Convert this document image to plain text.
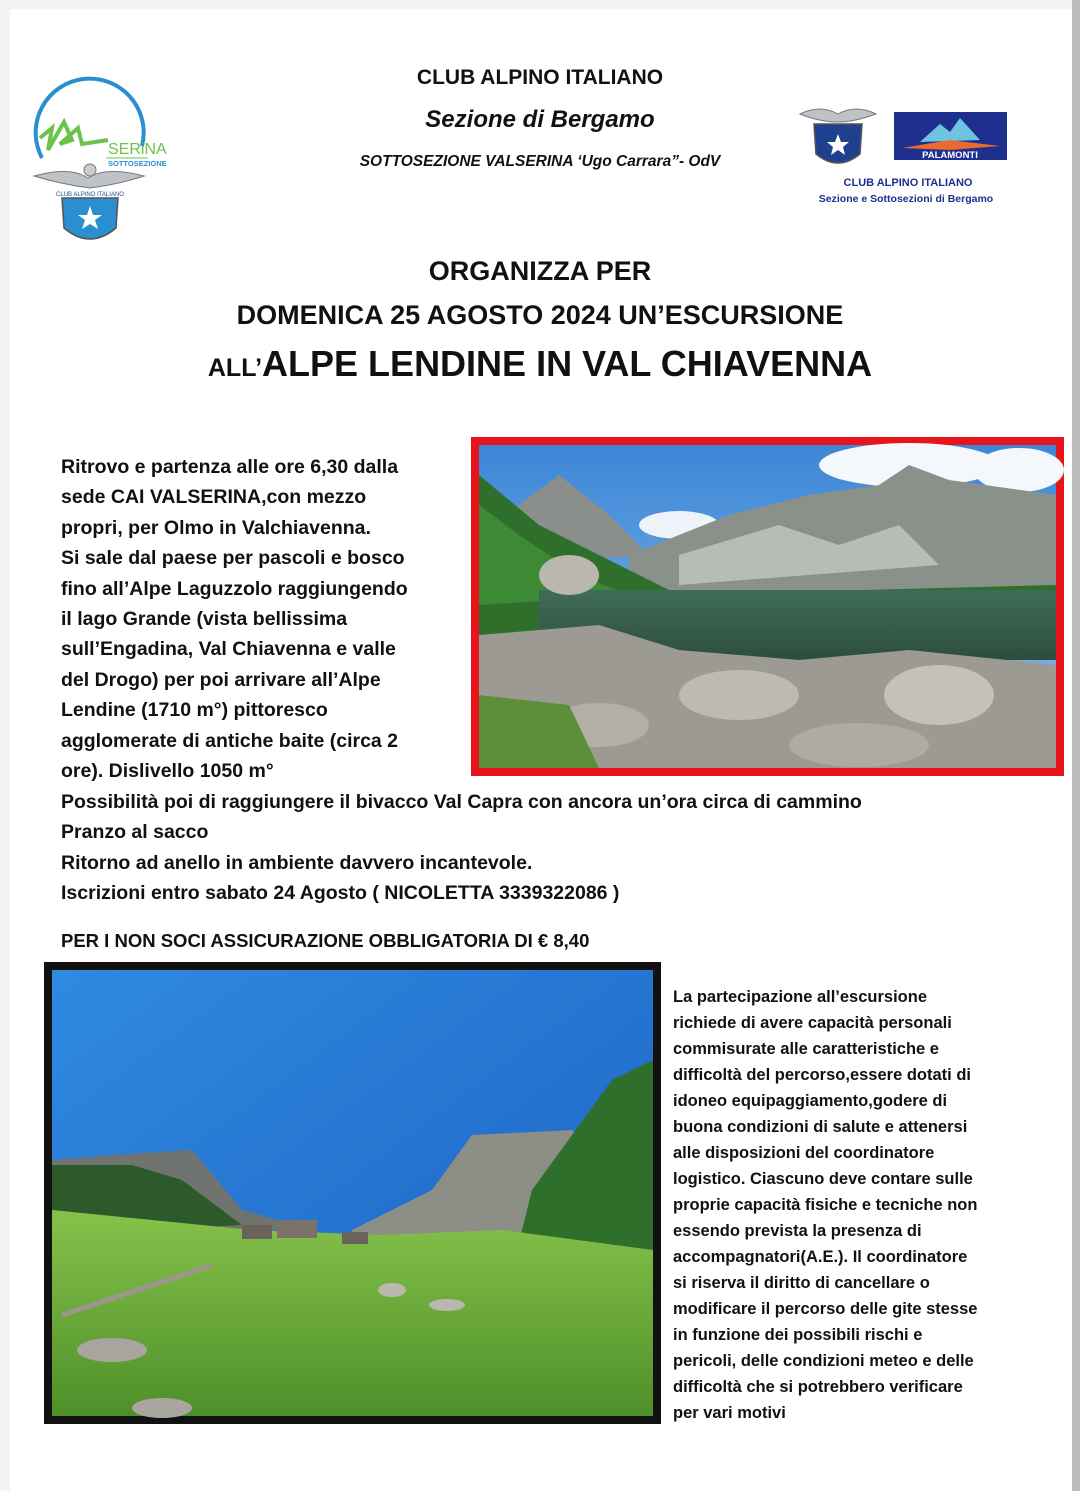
SERiNA
SOTTOSEZIONE
CLUB ALPINO ITALIANO
CLUB ALPINO ITALIANO
Sezione di Bergamo
SOTTOSEZIONE VALSERINA ‘Ugo Carrara”- OdV	PALAMONTI
CLUB ALPINO ITALIANO
Sezione e Sottosezioni di Bergamo
ORGANIZZA PER
DOMENICA 25 AGOSTO 2024 UN’ESCURSIONE
ALL’ALPE LENDINE IN VAL CHIAVENNA
Ritrovo e partenza alle ore 6,30 dalla
sede CAI VALSERINA,con mezzo
propri, per Olmo in Valchiavenna.
Si sale dal paese per pascoli e bosco
fino all’Alpe Laguzzolo raggiungendo
il lago Grande (vista bellissima
sull’Engadina, Val Chiavenna e valle
del Drogo) per poi arrivare all’Alpe
Lendine (1710 m°) pittoresco
agglomerate di antiche baite (circa 2
ore). Dislivello 1050 m°
Possibilità poi di raggiungere il bivacco Val Capra con ancora un’ora circa di cammino
Pranzo al sacco
Ritorno ad anello in ambiente davvero incantevole.
Iscrizioni entro sabato 24 Agosto ( NICOLETTA 3339322086 )
PER I NON SOCI ASSICURAZIONE OBBLIGATORIA DI € 8,40
La partecipazione all’escursione
richiede di avere capacità personali
commisurate alle caratteristiche e
difficoltà del percorso,essere dotati di
idoneo equipaggiamento,godere di
buona condizioni di salute e attenersi
alle disposizioni del coordinatore
logistico. Ciascuno deve contare sulle
proprie capacità fisiche e tecniche non
essendo prevista la presenza di
accompagnatori(A.E.). Il coordinatore
si riserva il diritto di cancellare o
modificare il percorso delle gite stesse
in funzione dei possibili rischi e
pericoli, delle condizioni meteo e delle
difficoltà che si potrebbero verificare
per vari motivi
